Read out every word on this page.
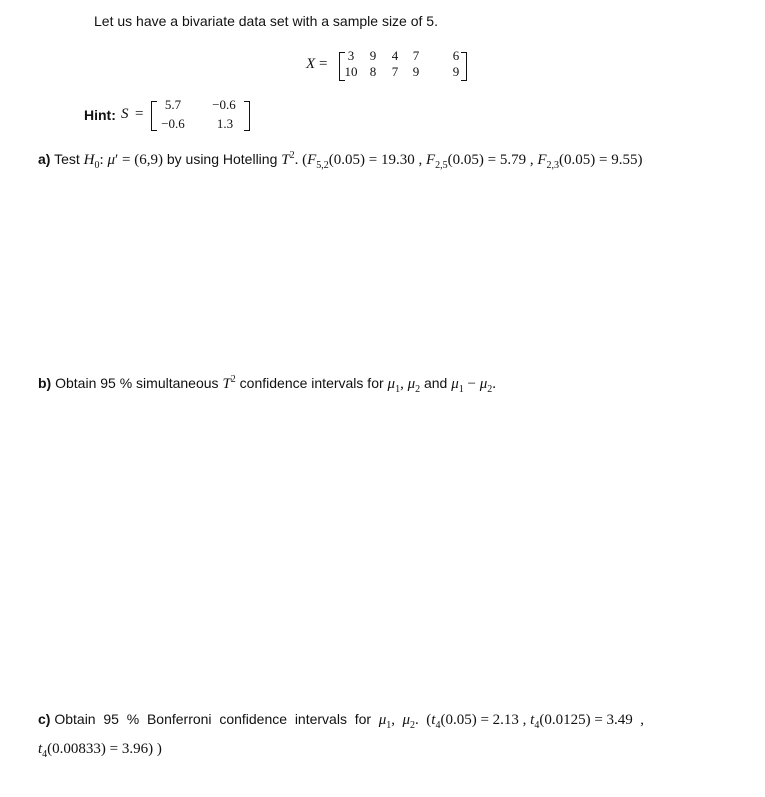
Let us have a bivariate data set with a sample size of 5.
X =
3	9	4	7	6
10 8	7	9	9
Hint: S =
5.7	−0.6
−0.6	1.3
a) Test $H_0$: μ′ = (6,9) by using Hotelling $T^2$. ($F_{5,2}(0.05) = 19.30$ , $F_{2,5}(0.05) = 5.79$ , $F_{2,3}(0.05) = 9.55$)
b) Obtain 95 % simultaneous $T^2$ confidence intervals for $\mu_1$, $\mu_2$ and $\mu_1 - \mu_2$.
c) Obtain  95  %  Bonferroni  confidence  intervals  for $\mu_1$,  $\mu_2$.  ($t_4(0.05) = 2.13$ , $t_4(0.0125) = 3.49$  ,
$t_4(0.00833) = 3.96$) )
